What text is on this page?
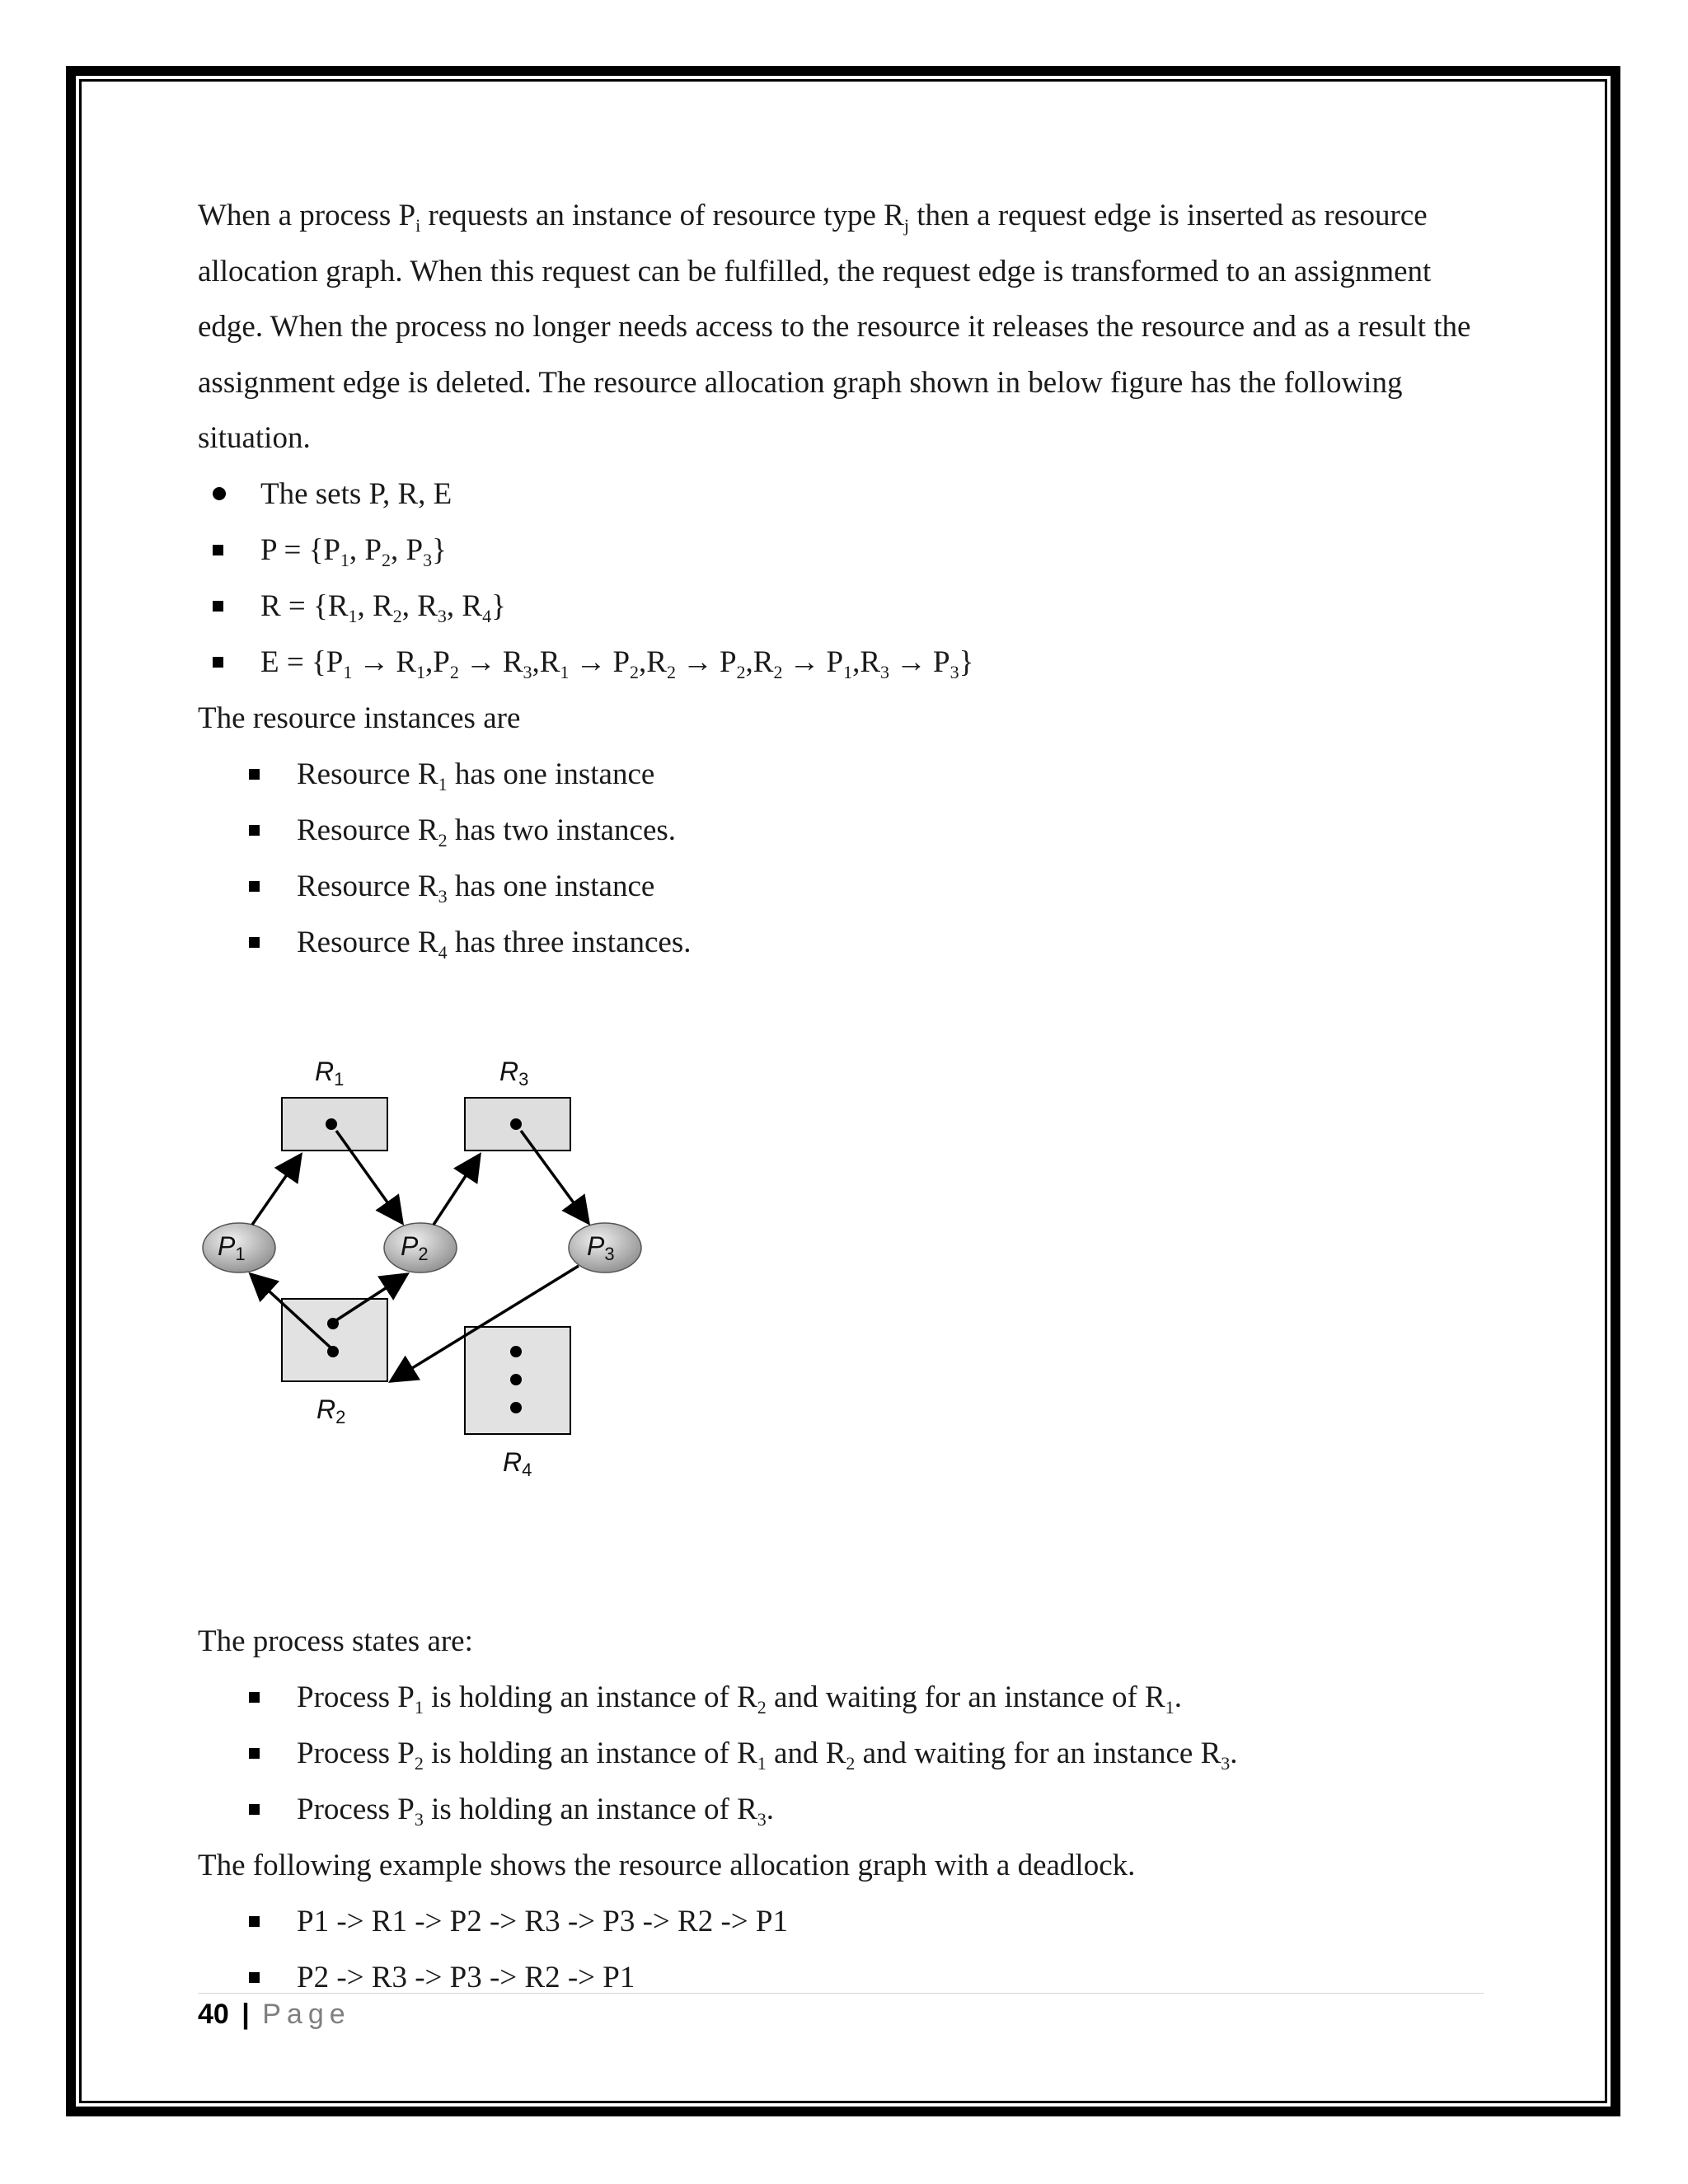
When a process $P_i$ requests an instance of resource type $R_j$ then a request edge is inserted as resource allocation graph. When this request can be fulfilled, the request edge is transformed to an assignment edge. When the process no longer needs access to the resource it releases the resource and as a result the assignment edge is deleted. The resource allocation graph shown in below figure has the following situation.

The sets P, R, E
$P = \{P_1$, $P_2$, $P_3$}
$R = \{R_1$, $R_2$, $R_3$, $R_4$}
$E = \{P_1 \to R_1,P_2 \to R_3,R_1 \to P_2,R_2 \to P_2,R_2 \to P_1,R_3 \to P_3\}$
The resource instances are
Resource $R_1$ has one instance
Resource $R_2$ has two instances.
Resource $R_3$ has one instance
Resource $R_4$ has three instances.
$R_1$	$R_3$
$P_1$	$P_2$	$P_3$
$R_2$
$R_4$
The process states are:
Process $P_1$ is holding an instance of $R_2$ and waiting for an instance of $R_1$.
Process $P_2$ is holding an instance of $R_1$ and $R_2$ and waiting for an instance $R_3$.
Process $P_3$ is holding an instance of $R_3$.
The following example shows the resource allocation graph with a deadlock.
P1 -> R1 -> P2 -> R3 -> P3 -> R2 -> P1
P2 -> R3 -> P3 -> R2 -> P1
40 | Page
